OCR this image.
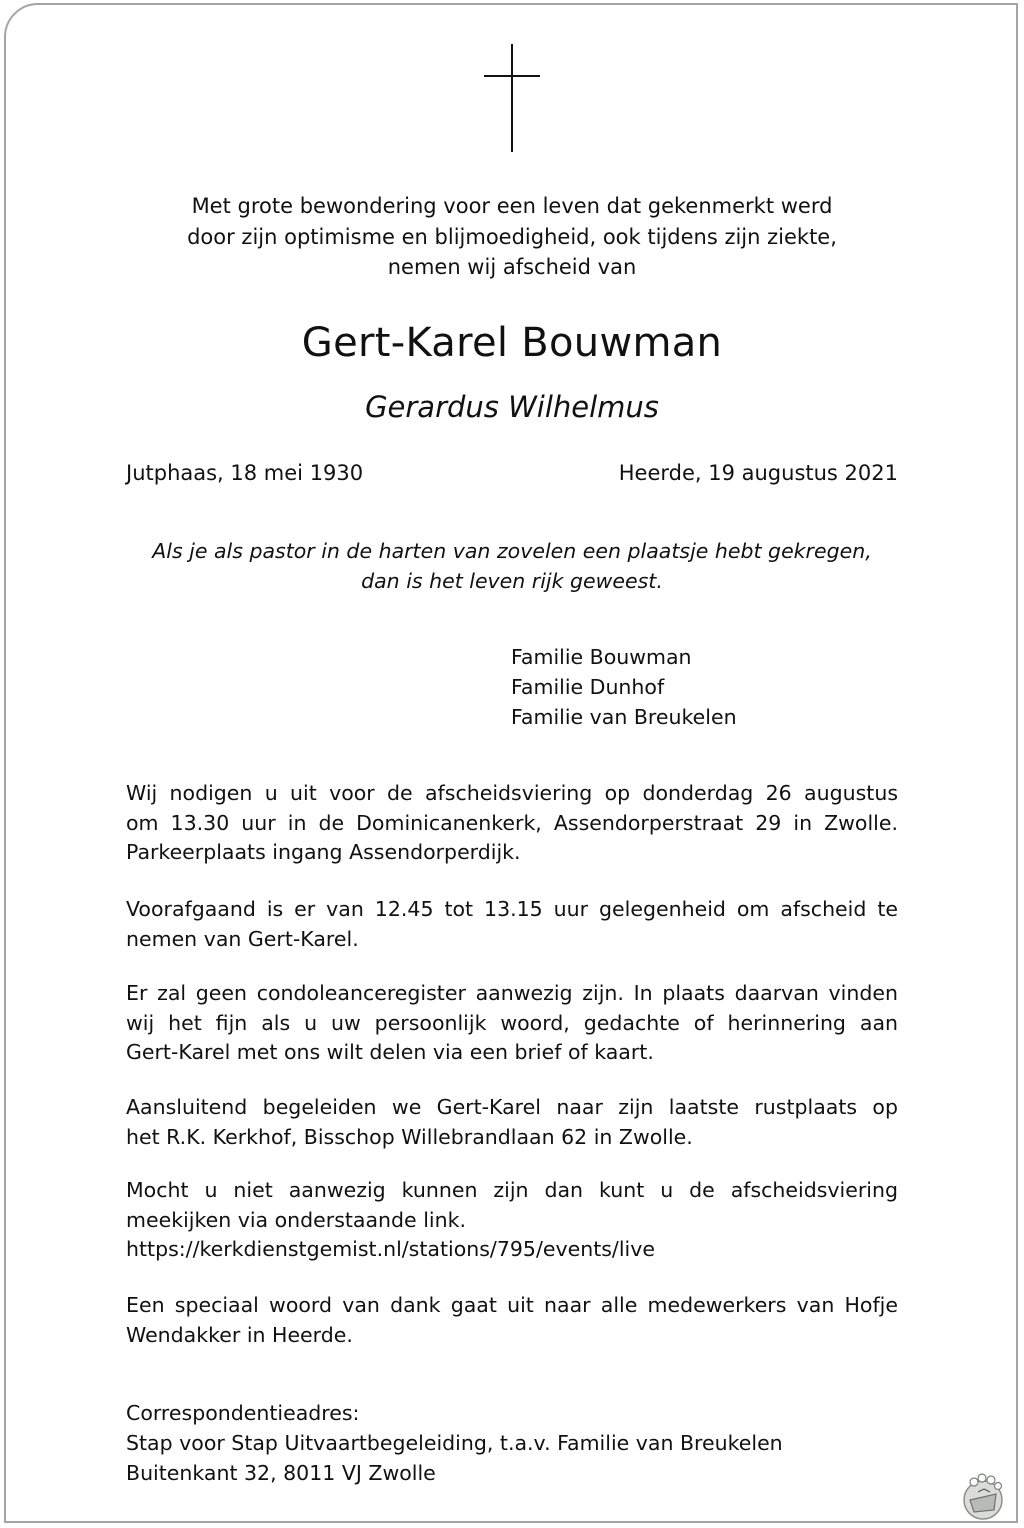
Met grote bewondering voor een leven dat gekenmerkt werd
door zijn optimisme en blijmoedigheid, ook tijdens zijn ziekte,
nemen wij afscheid van
Gert-Karel Bouwman
Gerardus Wilhelmus
Jutphaas, 18 mei 1930	Heerde, 19 augustus 2021
Als je als pastor in de harten van zovelen een plaatsje hebt gekregen,
dan is het leven rijk geweest.
Familie Bouwman
Familie Dunhof
Familie van Breukelen
Wij nodigen u uit voor de afscheidsviering op donderdag 26 augustus
om 13.30 uur in de Dominicanenkerk, Assendorperstraat 29 in Zwolle.
Parkeerplaats ingang Assendorperdijk.
Voorafgaand is er van 12.45 tot 13.15 uur gelegenheid om afscheid te
nemen van Gert-Karel.
Er zal geen condoleanceregister aanwezig zijn. In plaats daarvan vinden
wij het fijn als u uw persoonlijk woord, gedachte of herinnering aan
Gert-Karel met ons wilt delen via een brief of kaart.
Aansluitend begeleiden we Gert-Karel naar zijn laatste rustplaats op
het R.K. Kerkhof, Bisschop Willebrandlaan 62 in Zwolle.
Mocht u niet aanwezig kunnen zijn dan kunt u de afscheidsviering
meekijken via onderstaande link.
https://kerkdienstgemist.nl/stations/795/events/live
Een speciaal woord van dank gaat uit naar alle medewerkers van Hofje
Wendakker in Heerde.
Correspondentieadres:
Stap voor Stap Uitvaartbegeleiding, t.a.v. Familie van Breukelen
Buitenkant 32, 8011 VJ Zwolle
